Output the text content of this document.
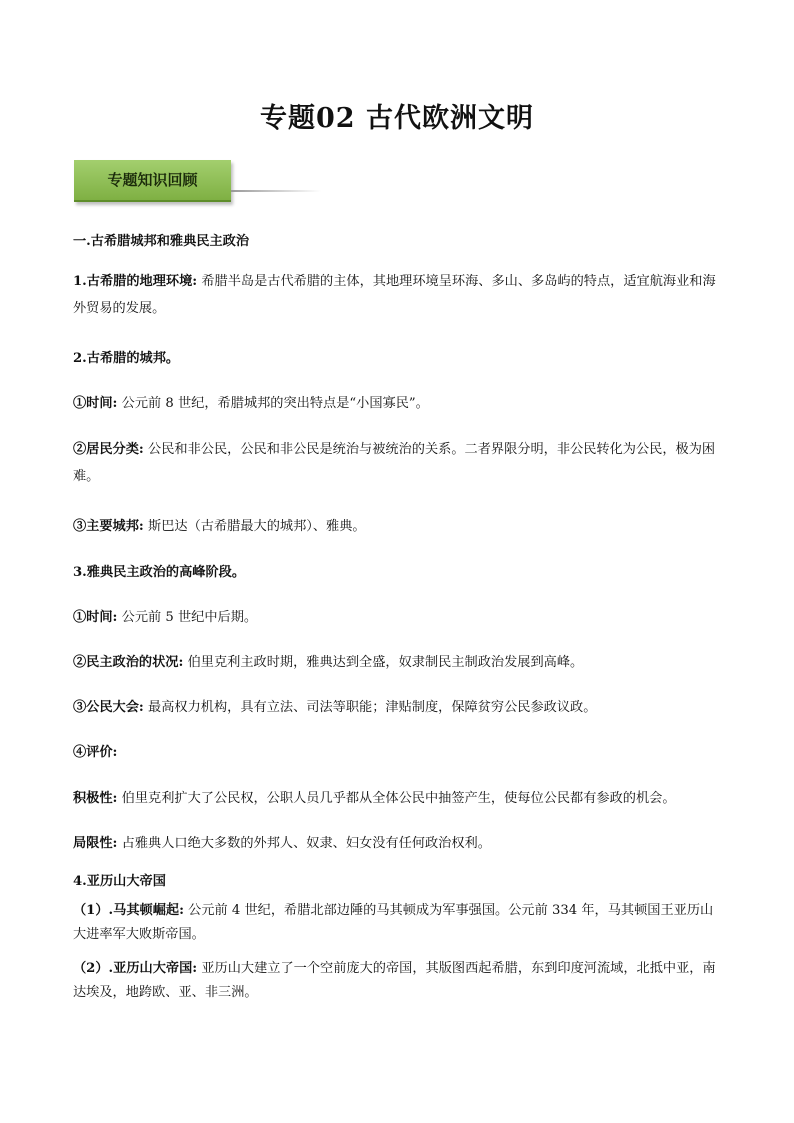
专题02 古代欧洲文明
专题知识回顾
一.古希腊城邦和雅典民主政治
1.古希腊的地理环境: 希腊半岛是古代希腊的主体，其地理环境呈环海、多山、多岛屿的特点，适宜航海业和海外贸易的发展。
2.古希腊的城邦。
①时间: 公元前 8 世纪，希腊城邦的突出特点是“小国寡民”。
②居民分类: 公民和非公民，公民和非公民是统治与被统治的关系。二者界限分明，非公民转化为公民，极为困难。
③主要城邦: 斯巴达（古希腊最大的城邦）、雅典。
3.雅典民主政治的高峰阶段。
①时间: 公元前 5 世纪中后期。
②民主政治的状况: 伯里克利主政时期，雅典达到全盛，奴隶制民主制政治发展到高峰。
③公民大会: 最高权力机构，具有立法、司法等职能；津贴制度，保障贫穷公民参政议政。
④评价:
积极性: 伯里克利扩大了公民权，公职人员几乎都从全体公民中抽签产生，使每位公民都有参政的机会。
局限性: 占雅典人口绝大多数的外邦人、奴隶、妇女没有任何政治权利。
4.亚历山大帝国
（1）.马其顿崛起: 公元前 4 世纪，希腊北部边陲的马其顿成为军事强国。公元前 334 年，马其顿国王亚历山大进率军大败斯帝国。
（2）.亚历山大帝国: 亚历山大建立了一个空前庞大的帝国，其版图西起希腊，东到印度河流域，北抵中亚，南达埃及，地跨欧、亚、非三洲。
